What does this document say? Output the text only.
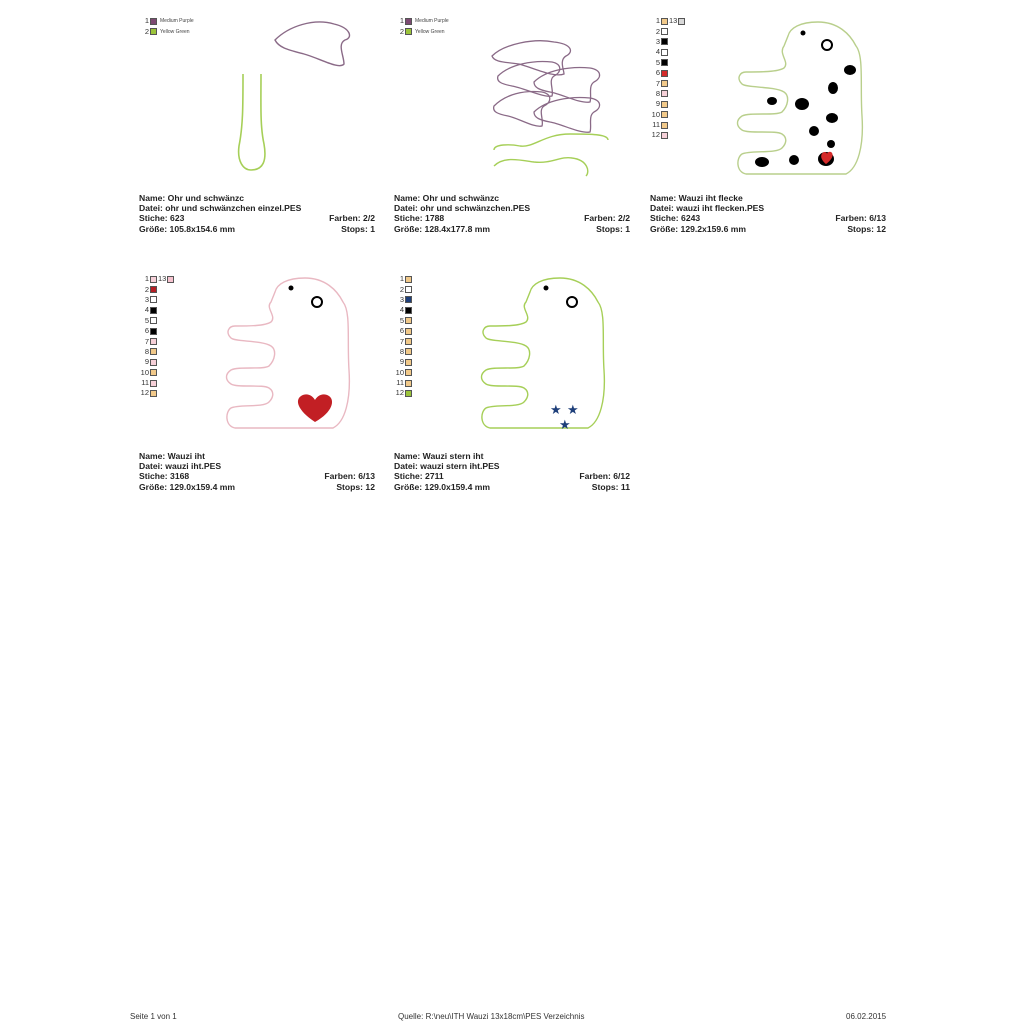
1 Medium Purple
2 Yellow Green
Name: Ohr und schwänzc
Datei: ohr und schwänzchen einzel.PES
Stiche: 623	Farben: 2/2
Größe: 105.8x154.6 mm	Stops: 1
1 Medium Purple
2 Yellow Green
Name: Ohr und schwänzc
Datei: ohr und schwänzchen.PES
Stiche: 1788	Farben: 2/2
Größe: 128.4x177.8 mm	Stops: 1
1 13
2
3
4
5
6
7
8
9
10
11
12
Name: Wauzi iht flecke
Datei: wauzi iht flecken.PES
Stiche: 6243	Farben: 6/13
Größe: 129.2x159.6 mm	Stops: 12
1 13
2
3
4
5
6
7
8
9
10
11
12
Name: Wauzi iht
Datei: wauzi iht.PES
Stiche: 3168	Farben: 6/13
Größe: 129.0x159.4 mm	Stops: 12
★ ★
★
1
2
3
4
5
6
7
8
9
10
11
12
Name: Wauzi stern iht
Datei: wauzi stern iht.PES
Stiche: 2711	Farben: 6/12
Größe: 129.0x159.4 mm	Stops: 11
Seite 1 von 1	Quelle: R:\neu\ITH Wauzi 13x18cm\PES Verzeichnis	06.02.2015
